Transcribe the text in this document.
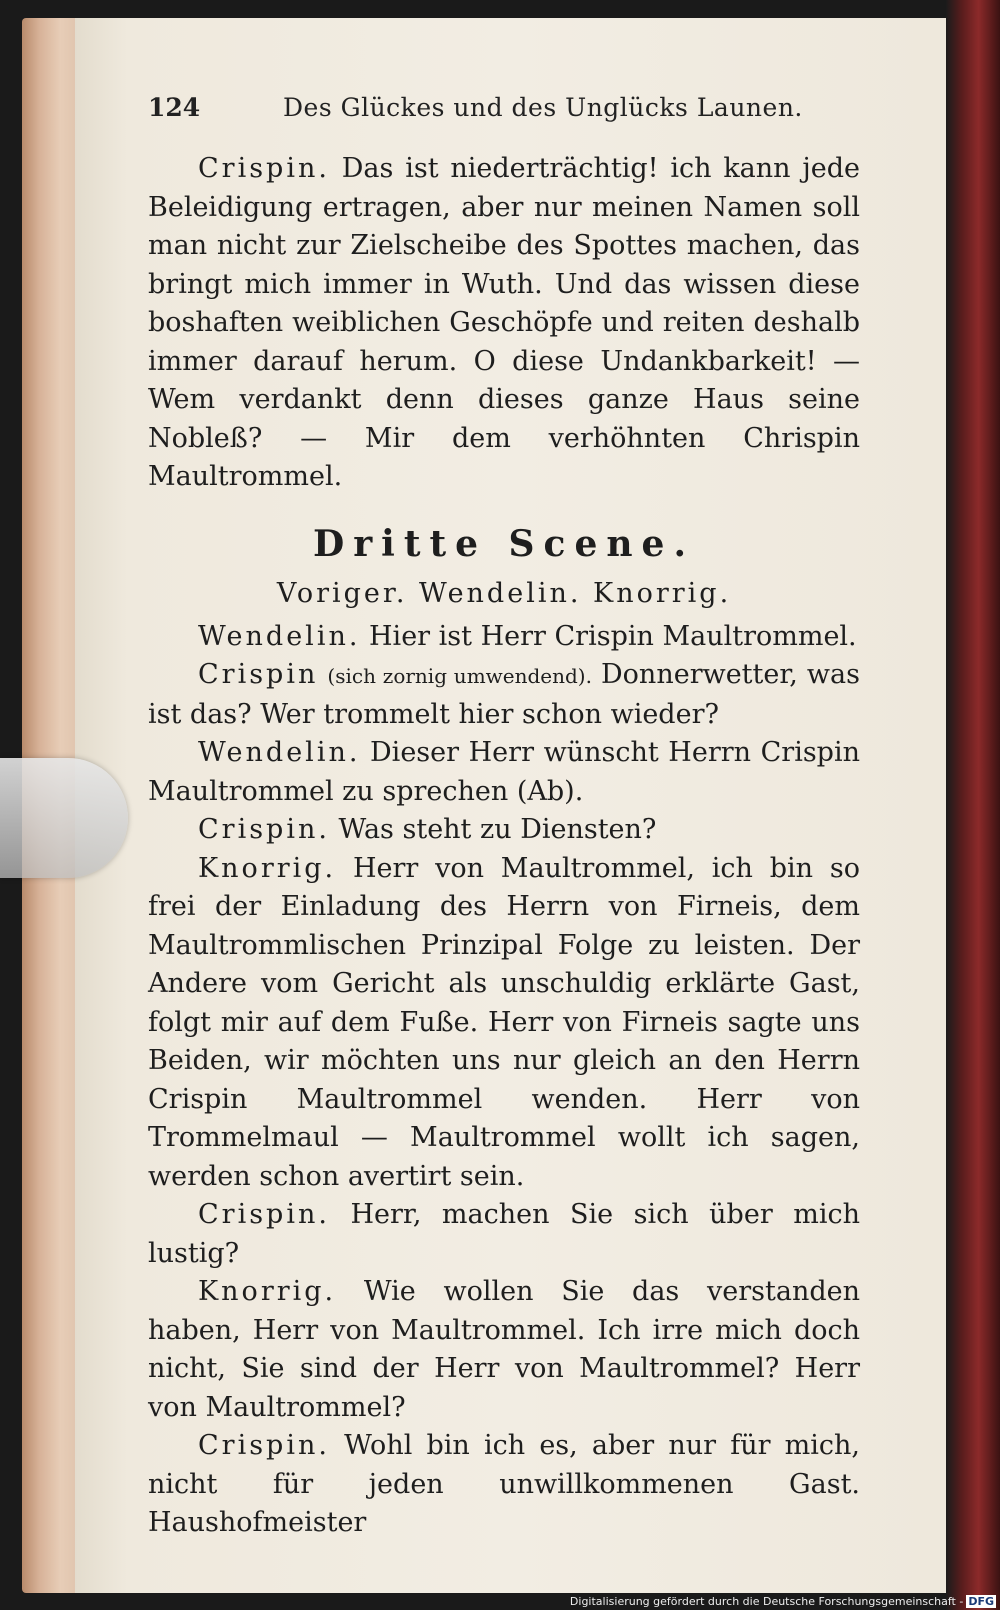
124	Des Glückes und des Unglücks Launen.

Crispin. Das ist niederträchtig! ich kann jede Beleidigung ertragen, aber nur meinen Namen soll man nicht zur Zielscheibe des Spottes machen, das bringt mich immer in Wuth. Und das wissen diese boshaften weiblichen Geschöpfe und reiten deshalb immer darauf herum. O diese Undankbarkeit! — Wem verdankt denn dieses ganze Haus seine Nobleß? — Mir dem verhöhnten Chrispin Maultrommel.

Dritte Scene.
Voriger. Wendelin. Knorrig.

Wendelin. Hier ist Herr Crispin Maultrommel.

Crispin (sich zornig umwendend). Donnerwetter, was ist das? Wer trommelt hier schon wieder?

Wendelin. Dieser Herr wünscht Herrn Crispin Maultrommel zu sprechen (Ab).

Crispin. Was steht zu Diensten?

Knorrig. Herr von Maultrommel, ich bin so frei der Einladung des Herrn von Firneis, dem Maultrommlischen Prinzipal Folge zu leisten. Der Andere vom Gericht als unschuldig erklärte Gast, folgt mir auf dem Fuße. Herr von Firneis sagte uns Beiden, wir möchten uns nur gleich an den Herrn Crispin Maultrommel wenden. Herr von Trommelmaul — Maultrommel wollt ich sagen, werden schon avertirt sein.

Crispin. Herr, machen Sie sich über mich lustig?

Knorrig. Wie wollen Sie das verstanden haben, Herr von Maultrommel. Ich irre mich doch nicht, Sie sind der Herr von Maultrommel? Herr von Maultrommel?

Crispin. Wohl bin ich es, aber nur für mich, nicht für jeden unwillkommenen Gast. Haushofmeister

Digitalisierung gefördert durch die Deutsche Forschungsgemeinschaft - DFG
